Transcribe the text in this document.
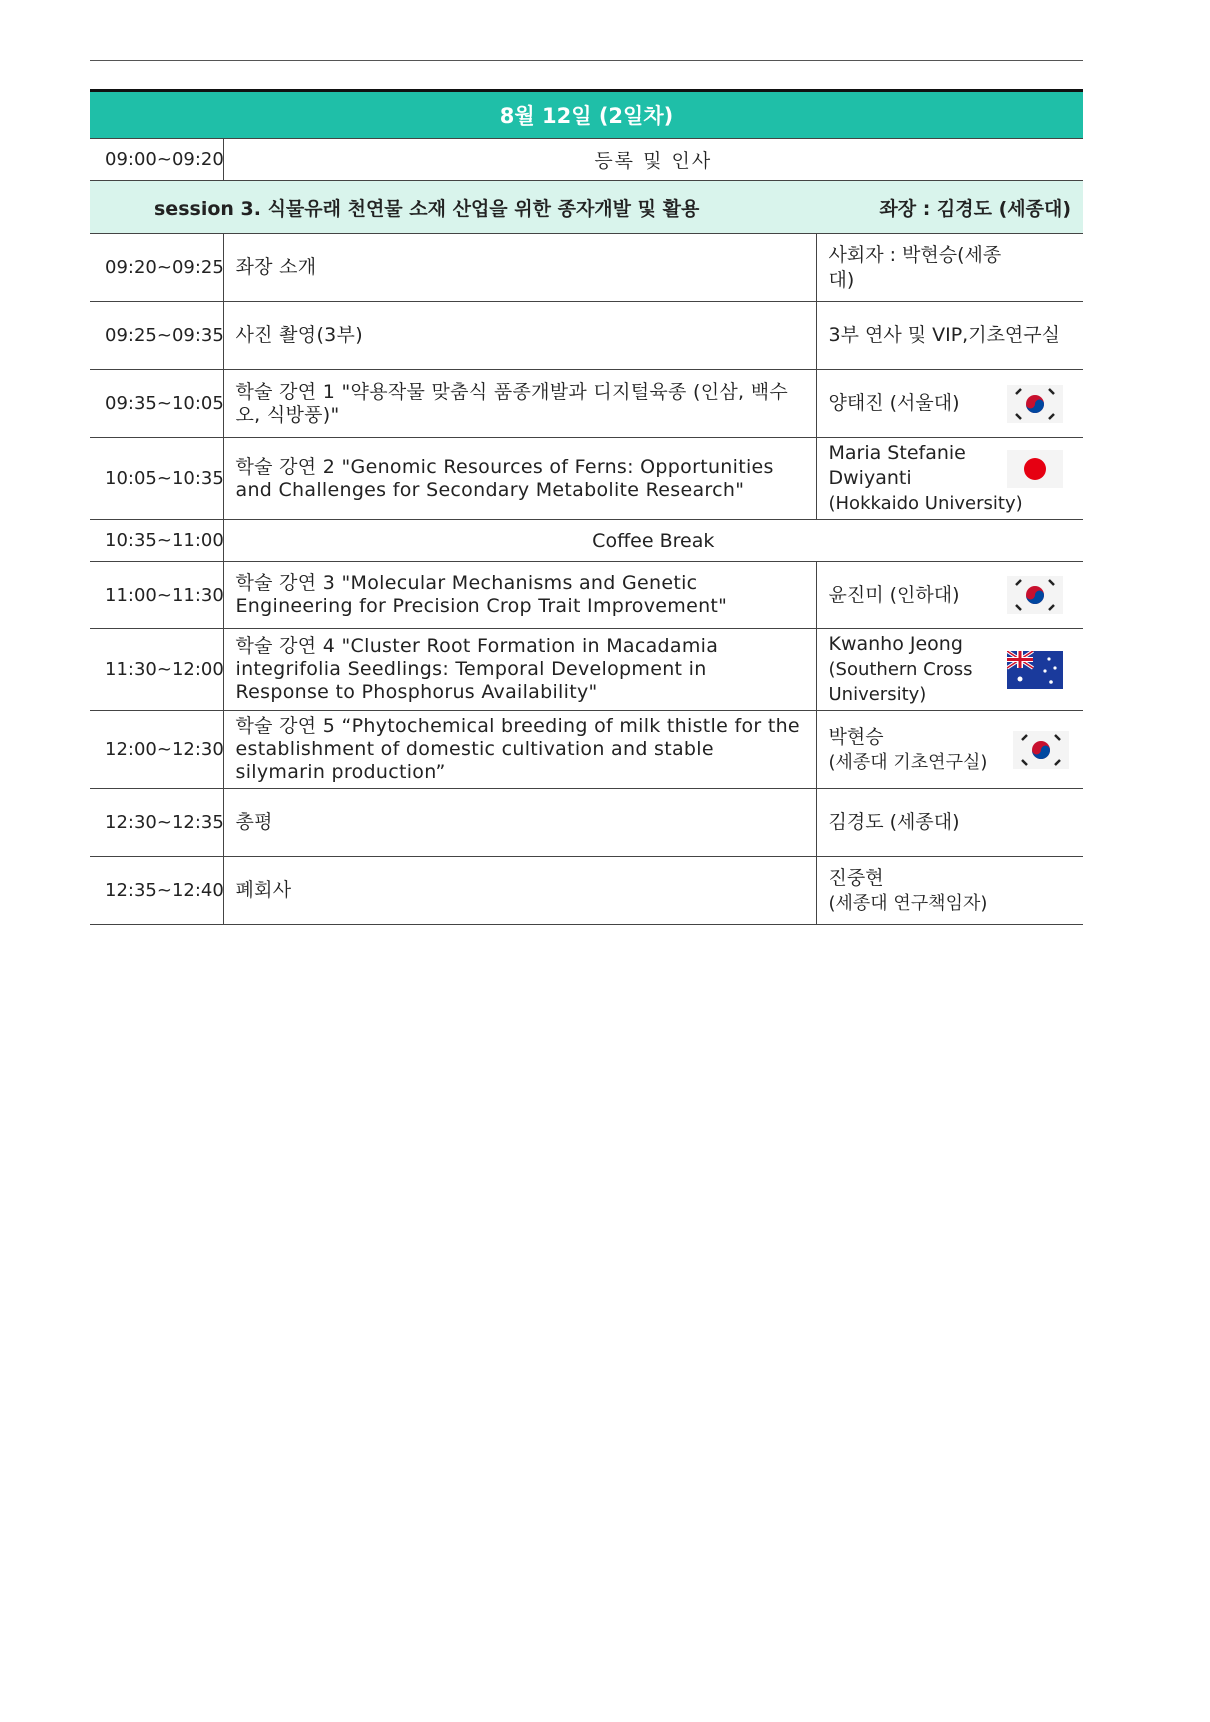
8월 12일 (2일차)		
09:00~09:20	등록 및 인사	

session 3. 식물유래 천연물 소재 산업을 위한 종자개발 및 활용 좌장 : 김경도 (세종대)		

09:20~09:25	좌장 소개	사회자 : 박현승(세종대)

09:25~09:35	사진 촬영(3부)	3부 연사 및 VIP,기초연구실

09:35~10:05	학술 강연 1 "약용작물 맞춤식 품종개발과 디지털육종 (인삼, 백수오, 식방풍)"	양태진 (서울대)

10:05~10:35	학술 강연 2 "Genomic Resources of Ferns: Opportunities and Challenges for Secondary Metabolite Research"	Maria Stefanie
Dwiyanti
(Hokkaido University)

10:35~11:00	Coffee Break	
11:00~11:30	학술 강연 3 "Molecular Mechanisms and Genetic Engineering for Precision Crop Trait Improvement"	윤진미 (인하대)

11:30~12:00	학술 강연 4 "Cluster Root Formation in Macadamia integrifolia Seedlings: Temporal Development in Response to Phosphorus Availability"	Kwanho Jeong
(Southern Cross
University)

12:00~12:30	학술 강연 5 “Phytochemical breeding of milk thistle for the establishment of domestic cultivation and stable silymarin production”	박현승
(세종대 기초연구실)

12:30~12:35	총평	김경도 (세종대)

12:35~12:40	폐회사	진중현
(세종대 연구책임자)
